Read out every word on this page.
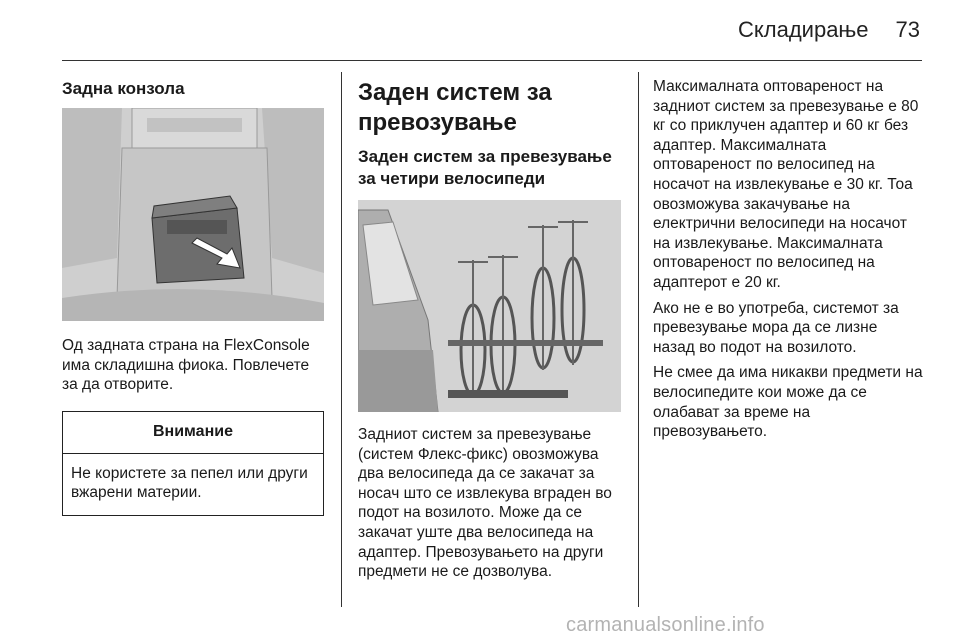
Складирање	73
Задна конзола

Од задната страна на FlexConsole има складишна фиока. Повлечете за да отворите.

Внимание

Не користете за пепел или други вжарени материи.

Заден систем за превозување
Заден систем за превезување за четири велосипеди

Задниот систем за превезување (систем Флекс-фикс) овозможува два велосипеда да се закачат за носач што се извлекува вграден во подот на возилото. Може да се закачат уште два велосипеда на адаптер. Превозувањето на други предмети не се дозволува.

Максималната оптовареност на задниот систем за превезување е 80 кг со приклучен адаптер и 60 кг без адаптер. Максималната оптовареност по велосипед на носачот на извлекување е 30 кг. Тоа овозможува закачување на електрични велосипеди на носачот на извлекување. Максималната оптовареност по велосипед на адаптерот е 20 кг.

Ако не е во употреба, системот за превезување мора да се лизне назад во подот на возилото.

Не смее да има никакви предмети на велосипедите кои може да се олабават за време на превозувањето.

carmanualsonline.info
